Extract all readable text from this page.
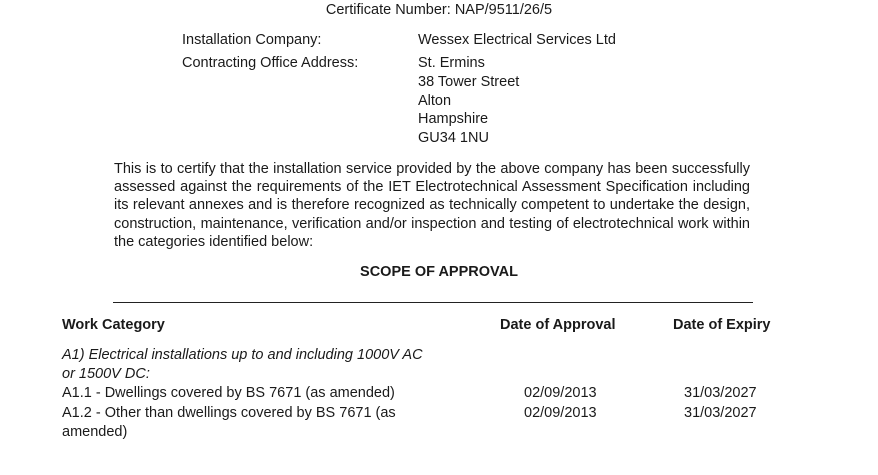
Certificate Number: NAP/9511/26/5
Installation Company:	Wessex Electrical Services Ltd
Contracting Office Address:	St. Ermins
38 Tower Street
Alton
Hampshire
GU34 1NU
This is to certify that the installation service provided by the above company has been successfully assessed against the requirements of the IET Electrotechnical Assessment Specification including its relevant annexes and is therefore recognized as technically competent to undertake the design, construction, maintenance, verification and/or inspection and testing of electrotechnical work within the categories identified below:
SCOPE OF APPROVAL
Work Category	Date of Approval	Date of Expiry
A1) Electrical installations up to and including 1000V AC
or 1500V DC:
A1.1 - Dwellings covered by BS 7671 (as amended)	02/09/2013	31/03/2027
A1.2 - Other than dwellings covered by BS 7671 (as
amended)
02/09/2013	31/03/2027
